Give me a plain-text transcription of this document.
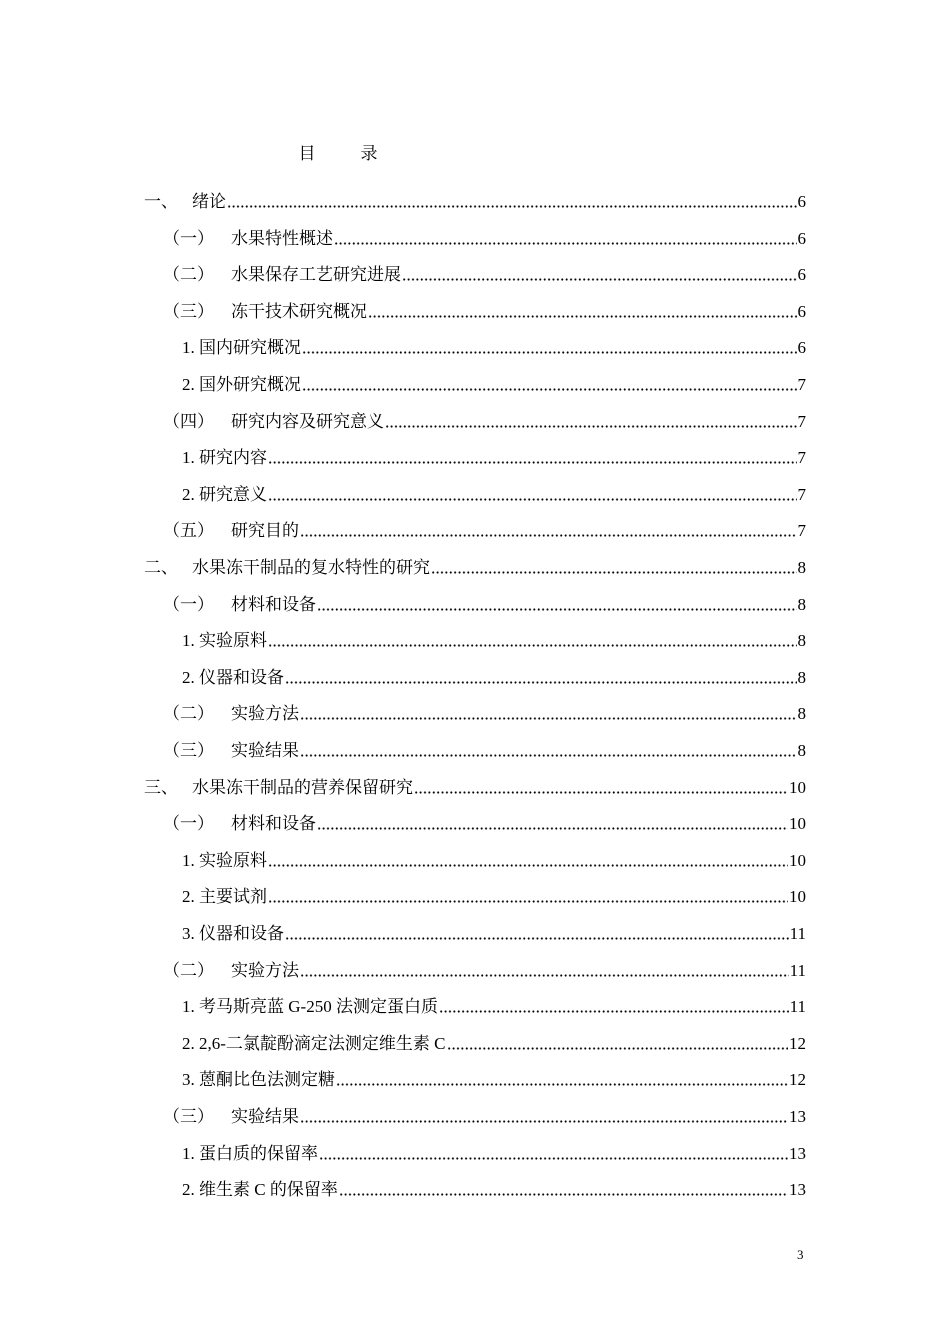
目　录
一、 绪论	6
（一） 水果特性概述	6
（二） 水果保存工艺研究进展	6
（三） 冻干技术研究概况	6
1. 国内研究概况	6
2. 国外研究概况	7
（四） 研究内容及研究意义	7
1. 研究内容	7
2. 研究意义	7
（五） 研究目的	7
二、 水果冻干制品的复水特性的研究	8
（一） 材料和设备	8
1. 实验原料	8
2. 仪器和设备	8
（二） 实验方法	8
（三） 实验结果	8
三、 水果冻干制品的营养保留研究	10
（一） 材料和设备	10
1. 实验原料	10
2. 主要试剂	10
3. 仪器和设备	11
（二） 实验方法	11
1. 考马斯亮蓝 G-250 法测定蛋白质	11
2. 2,6-二氯靛酚滴定法测定维生素 C	12
3. 蒽酮比色法测定糖	12
（三） 实验结果	13
1. 蛋白质的保留率	13
2. 维生素 C 的保留率	13
3
